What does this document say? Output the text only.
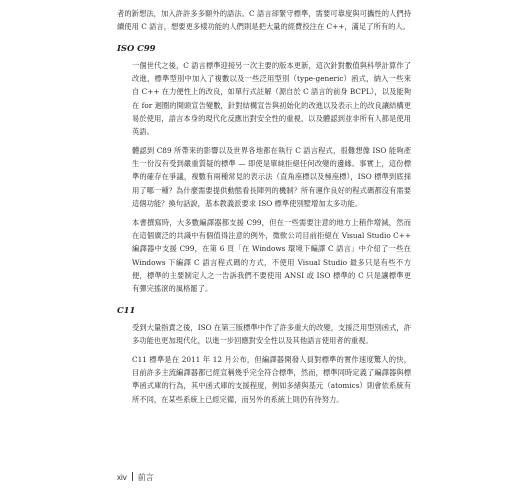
者的新想法，加入許許多多額外的語法。C 語言卻緊守標準，需要可靠度與可攜性的人們持續使用 C 語言，想要更多樣功能的人們則是把大量的經費投注在 C++，滿足了所有的人。

ISO C99

一個世代之後，C 語言標準迎接另一次主要的版本更新，這次針對數值與科學計算作了改進，標準型別中加入了複數以及一些泛用型別（type-generic）函式，納入一些來自 C++ 在力便性上的改良，如單行式註解（源自於 C 語言的前身 BCPL），以及能夠在 for 迴圈的開頭宣告變數，針對結構宣告與初始化的改進以及表示上的改良讓結構更易於使用，語言本身的現代化反應出對安全性的重視，以及體認到並非所有人都是使用英語。

體認到 C89 所帶來的影響以及世界各地都在執行 C 語言程式，很難想像 ISO 能夠產生一份沒有受到嚴重質疑的標準 — 即使是單純拒絕任何改變的邊緣。事實上，這份標準的確存在爭議，複數有兩種常見的表示法（直角座標以及極座標），ISO 標準到底採用了哪一種？為什麼需要提供動態看長陣列的機制？所有運作良好的程式碼都沒有需要這個功能？換句話說，基本教義派要求 ISO 標準使別墅增加太多功能。

本書撰寫時，大多數編譯器都支援 C99，但在一些需要注意的地方上稍作增減，然而在這個廣泛的共識中有個值得注意的例外，微軟公司目前拒絕在 Visual Studio C++ 編譯器中支援 C99，在第 6 頁「在 Windows 環境下編譯 C 語言」中介紹了一些在 Windows 下編譯 C 語言程式碼的方式，不使用 Visual Studio 最多只是有些不方便，標準的主要制定人之一告訴我們不要使用 ANSI 或 ISO 標準的 C 只是讓標準更有彈完搖滾的風格罷了。

C11

受到大量指責之後，ISO 在第三版標準中作了許多重大的改變，支援泛用型別函式，許多功能也更加現代化，以進一步回應對安全性以及其他語言使用者的重視。

C11 標準是在 2011 年 12 月公布，但編譯器開發人員對標準的實作速度驚人的快，目前許多主流編譯器都已經宣稱幾乎完全符合標準，然而，標準同時定義了編譯器與標準函式庫的行為，其中函式庫的支援程度，例如多緒與基元（atomics）則會依系統有所不同，在某些系統上已經完備，而另外的系統上則仍有待努力。

xiv 前言
